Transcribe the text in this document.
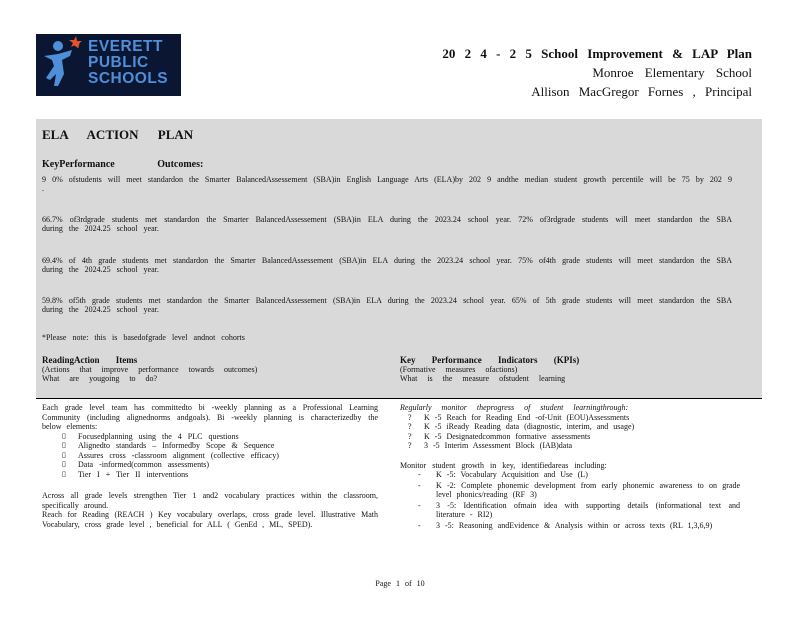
EVERETT
PUBLIC
SCHOOLS
20 2 4 - 2 5 School Improvement & LAP Plan
Monroe Elementary School
Allison MacGregor Fornes , Principal
ELA ACTION PLAN
KeyPerformance Outcomes:
9 0% ofstudents will meet standardon the Smarter BalancedAssessement (SBA)in English Language Arts (ELA)by 202 9 andthe median student growth percentile will be 75 by 202 9 .
66.7% of3rdgrade students met standardon the Smarter BalancedAssessement (SBA)in ELA during the 2023.24 school year. 72% of3rdgrade students will meet standardon the SBA during the 2024.25 school year.
69.4% of 4th grade students met standardon the Smarter BalancedAssessement (SBA)in ELA during the 2023.24 school year. 75% of4th grade students will meet standardon the SBA during the 2024.25 school year.
59.8% of5th grade students met standardon the Smarter BalancedAssessement (SBA)in ELA during the 2023.24 school year. 65% of 5th grade students will meet standardon the SBA during the 2024.25 school year.
*Please note: this is basedofgrade level andnot cohorts
ReadingAction Items
(Actions that improve performance towards outcomes)
What are yougoing to do?
Key Performance Indicators (KPIs)
(Formative measures ofactions)
What is the measure ofstudent learning

Each grade level team has committedto bi -weekly planning as a Professional Learning Community (including alignednorms andgoals). Bi -weekly planning is characterizedby the below elements:

▯ Focusedplanning using the 4 PLC questions
▯ Alignedto standards – Informedby Scope & Sequence
▯ Assures cross -classroom alignment (collective efficacy)
▯ Data -informed(common assessments)
▯ Tier I + Tier II interventions

Across all grade levels strengthen Tier 1 and2 vocabulary practices within the classroom, specifically around.

Reach for Reading (REACH ) Key vocabulary overlaps, cross grade level. Illustrative Math Vocabulary, cross grade level , beneficial for ALL ( GenEd , ML, SPED).

Regularly monitor theprogress of student learningthrough:

? K -5 Reach for Reading End -of-Unit (EOU)Assessments
? K -5 iReady Reading data (diagnostic, interim, and usage)
? K -5 Designatedcommon formative assessments
? 3 -5 Interim Assessment Block (IAB)data

Monitor student growth in key, identifiedareas including:

- K -5: Vocabulary Acquisition and Use (L)
- K -2: Complete phonemic development from early phonemic awareness to on grade level phonics/reading (RF 3)
- 3 -5: Identification ofmain idea with supporting details (informational text and literature - RI2)
- 3 -5: Reasoning andEvidence & Analysis within or across texts (RL 1,3,6,9)
Page 1 of 10
